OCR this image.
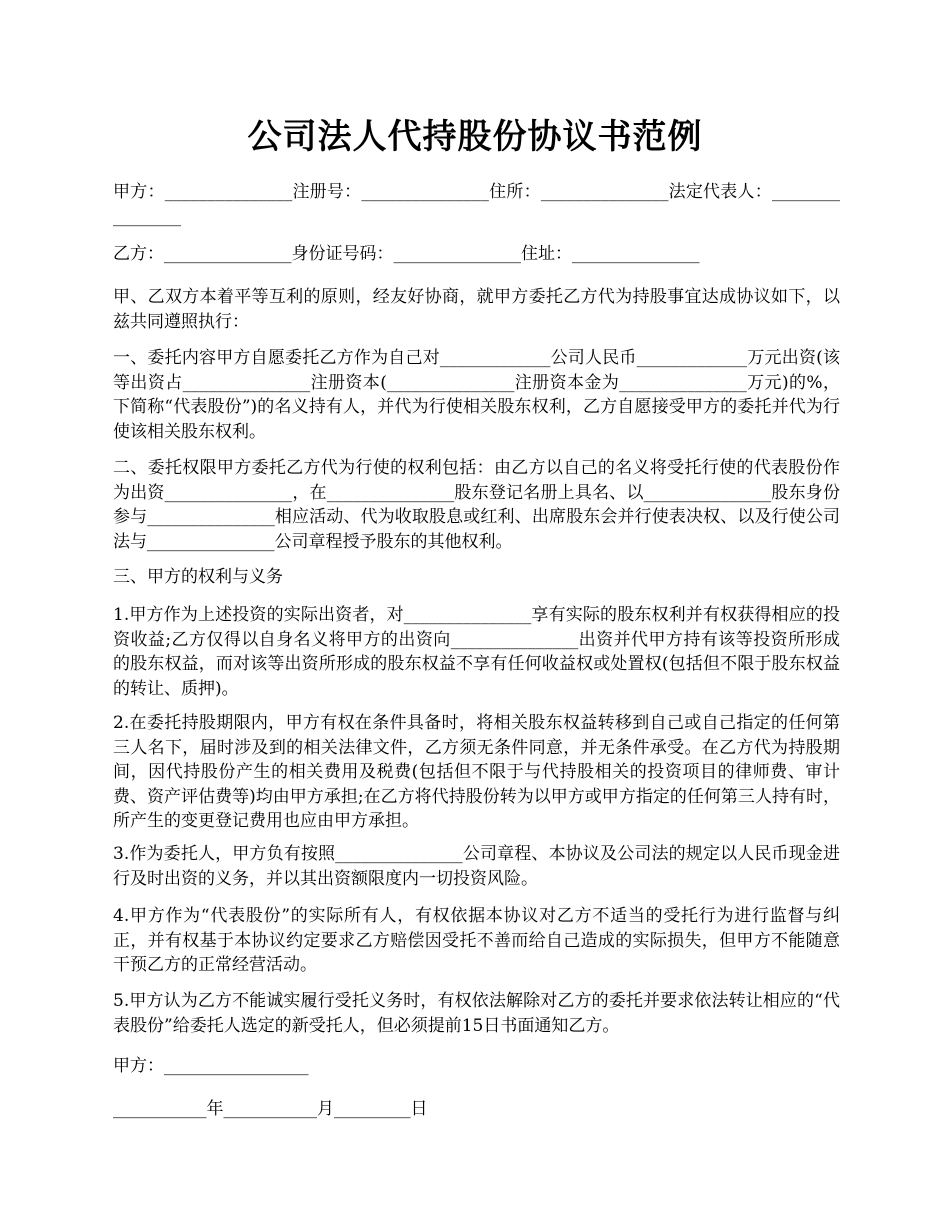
公司法人代持股份协议书范例

甲方：_______________注册号：_______________住所：_______________法定代表人：________________

乙方：_______________身份证号码：_______________住址：_______________

甲、乙双方本着平等互利的原则，经友好协商，就甲方委托乙方代为持股事宜达成协议如下，以兹共同遵照执行：

一、委托内容甲方自愿委托乙方作为自己对_____________公司人民币_____________万元出资(该等出资占_______________注册资本(_______________注册资本金为_______________万元)的%，下简称“代表股份”)的名义持有人，并代为行使相关股东权利，乙方自愿接受甲方的委托并代为行使该相关股东权利。

二、委托权限甲方委托乙方代为行使的权利包括：由乙方以自己的名义将受托行使的代表股份作为出资_______________，在_______________股东登记名册上具名、以_______________股东身份参与_______________相应活动、代为收取股息或红利、出席股东会并行使表决权、以及行使公司法与_______________公司章程授予股东的其他权利。

三、甲方的权利与义务

1.甲方作为上述投资的实际出资者，对_______________享有实际的股东权利并有权获得相应的投资收益;乙方仅得以自身名义将甲方的出资向_______________出资并代甲方持有该等投资所形成的股东权益，而对该等出资所形成的股东权益不享有任何收益权或处置权(包括但不限于股东权益的转让、质押)。

2.在委托持股期限内，甲方有权在条件具备时，将相关股东权益转移到自己或自己指定的任何第三人名下，届时涉及到的相关法律文件，乙方须无条件同意，并无条件承受。在乙方代为持股期间，因代持股份产生的相关费用及税费(包括但不限于与代持股相关的投资项目的律师费、审计费、资产评估费等)均由甲方承担;在乙方将代持股份转为以甲方或甲方指定的任何第三人持有时，所产生的变更登记费用也应由甲方承担。

3.作为委托人，甲方负有按照_______________公司章程、本协议及公司法的规定以人民币现金进行及时出资的义务，并以其出资额限度内一切投资风险。

4.甲方作为“代表股份”的实际所有人，有权依据本协议对乙方不适当的受托行为进行监督与纠正，并有权基于本协议约定要求乙方赔偿因受托不善而给自己造成的实际损失，但甲方不能随意干预乙方的正常经营活动。

5.甲方认为乙方不能诚实履行受托义务时，有权依法解除对乙方的委托并要求依法转让相应的“代表股份”给委托人选定的新受托人，但必须提前15日书面通知乙方。

甲方：_________________

___________年___________月_________日
